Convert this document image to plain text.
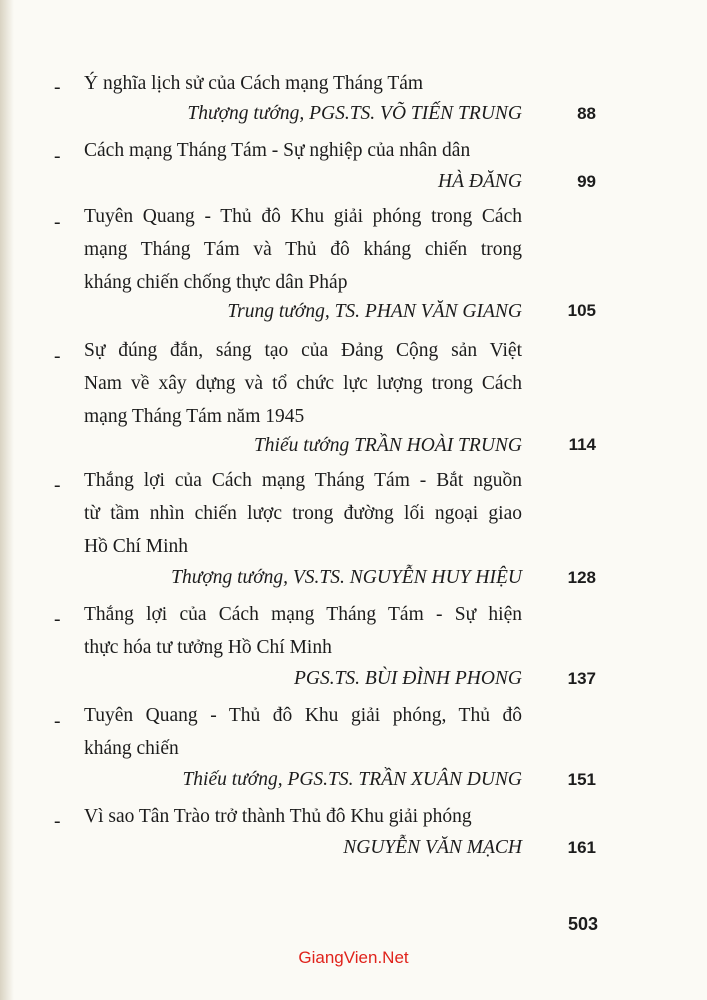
- Ý nghĩa lịch sử của Cách mạng Tháng Tám
Thượng tướng, PGS.TS. VÕ TIẾN TRUNG	88
- Cách mạng Tháng Tám - Sự nghiệp của nhân dân
HÀ ĐĂNG	99
- Tuyên Quang - Thủ đô Khu giải phóng trong Cách
mạng Tháng Tám và Thủ đô kháng chiến trong
kháng chiến chống thực dân Pháp
Trung tướng, TS. PHAN VĂN GIANG	105
- Sự đúng đắn, sáng tạo của Đảng Cộng sản Việt
Nam về xây dựng và tổ chức lực lượng trong Cách
mạng Tháng Tám năm 1945
Thiếu tướng TRẦN HOÀI TRUNG	114
- Thắng lợi của Cách mạng Tháng Tám - Bắt nguồn
từ tầm nhìn chiến lược trong đường lối ngoại giao
Hồ Chí Minh
Thượng tướng, VS.TS. NGUYỄN HUY HIỆU	128
- Thắng lợi của Cách mạng Tháng Tám - Sự hiện
thực hóa tư tưởng Hồ Chí Minh
PGS.TS. BÙI ĐÌNH PHONG	137
- Tuyên Quang - Thủ đô Khu giải phóng, Thủ đô
kháng chiến
Thiếu tướng, PGS.TS. TRẦN XUÂN DUNG	151
- Vì sao Tân Trào trở thành Thủ đô Khu giải phóng
NGUYỄN VĂN MẠCH	161
503
GiangVien.Net
